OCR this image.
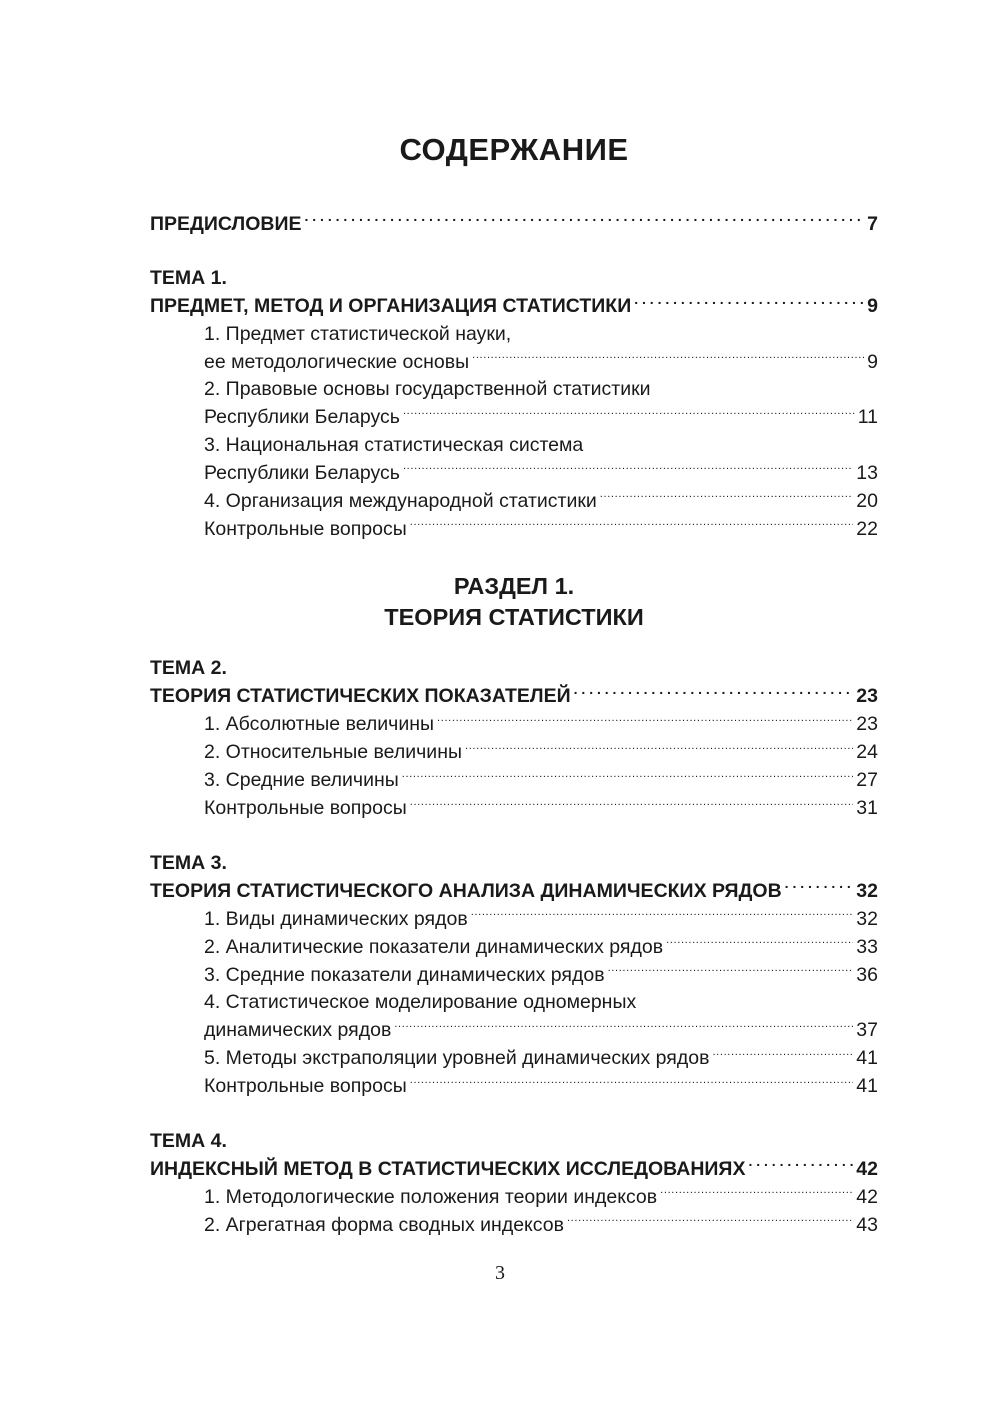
СОДЕРЖАНИЕ
ПРЕДИСЛОВИЕ . . .	7
ТЕМА 1.
ПРЕДМЕТ, МЕТОД И ОРГАНИЗАЦИЯ СТАТИСТИКИ . . .	9
1. Предмет статистической науки,
ее методологические основы . . .	9
2. Правовые основы государственной статистики
Республики Беларусь . . .	11
3. Национальная статистическая система
Республики Беларусь . . .	13
4. Организация международной статистики . . .	20
Контрольные вопросы . . .	22
РАЗДЕЛ 1.
ТЕОРИЯ СТАТИСТИКИ
ТЕМА 2.
ТЕОРИЯ СТАТИСТИЧЕСКИХ ПОКАЗАТЕЛЕЙ . . .	23
1. Абсолютные величины . . .	23
2. Относительные величины . . .	24
3. Средние величины . . .	27
Контрольные вопросы . . .	31
ТЕМА 3.
ТЕОРИЯ СТАТИСТИЧЕСКОГО АНАЛИЗА ДИНАМИЧЕСКИХ РЯДОВ . . .	32
1. Виды динамических рядов . . .	32
2. Аналитические показатели динамических рядов . . .	33
3. Средние показатели динамических рядов . . .	36
4. Статистическое моделирование одномерных
динамических рядов . . .	37
5. Методы экстраполяции уровней динамических рядов . . .	41
Контрольные вопросы . . .	41
ТЕМА 4.
ИНДЕКСНЫЙ МЕТОД В СТАТИСТИЧЕСКИХ ИССЛЕДОВАНИЯХ . . .	42
1. Методологические положения теории индексов . . .	42
2. Агрегатная форма сводных индексов . . .	43
3
